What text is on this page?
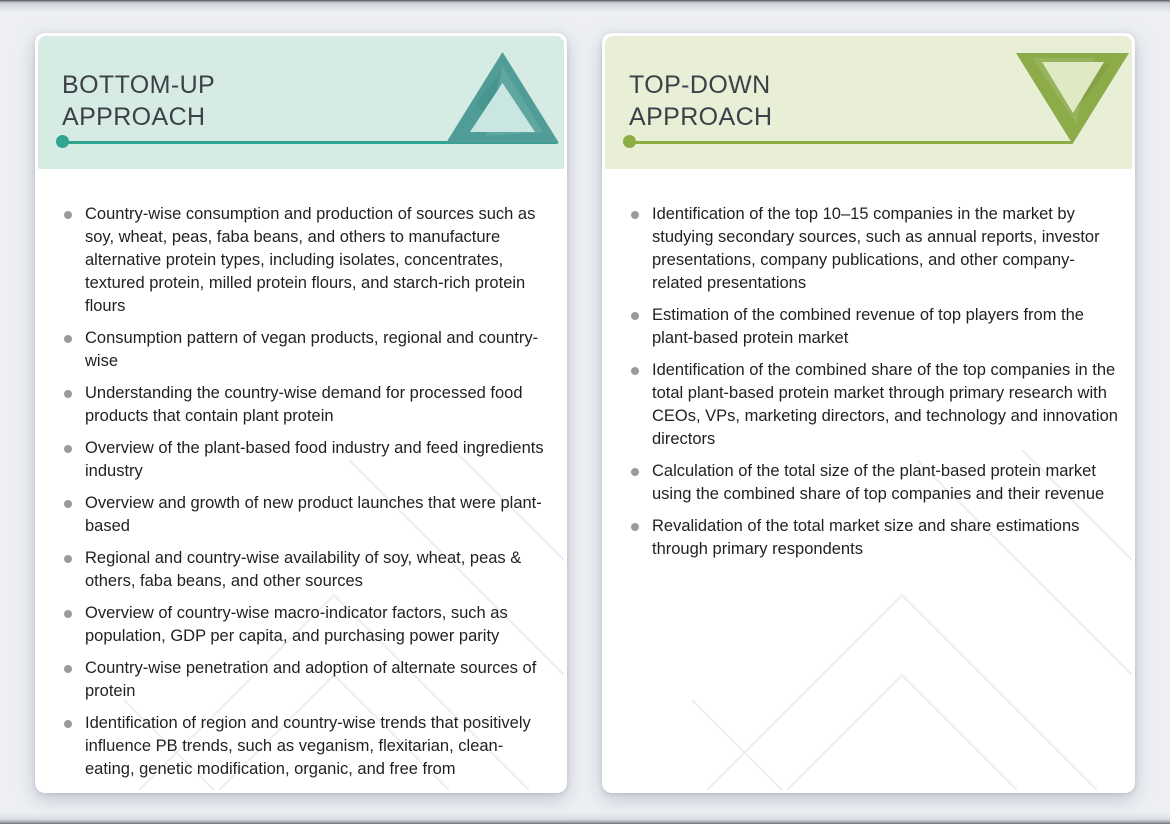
BOTTOM-UP
APPROACH
Country-wise consumption and production of sources such as soy, wheat, peas, faba beans, and others to manufacture alternative protein types, including isolates, concentrates, textured protein, milled protein flours, and starch-rich protein flours
Consumption pattern of vegan products, regional and country-wise
Understanding the country-wise demand for processed food products that contain plant protein
Overview of the plant-based food industry and feed ingredients industry
Overview and growth of new product launches that were plant-based
Regional and country-wise availability of soy, wheat, peas & others, faba beans, and other sources
Overview of country-wise macro-indicator factors, such as population, GDP per capita, and purchasing power parity
Country-wise penetration and adoption of alternate sources of protein
Identification of region and country-wise trends that positively influence PB trends, such as veganism, flexitarian, clean-eating, genetic modification, organic, and free from
TOP-DOWN
APPROACH
Identification of the top 10–15 companies in the market by studying secondary sources, such as annual reports, investor presentations, company publications, and other company-related presentations
Estimation of the combined revenue of top players from the plant-based protein market
Identification of the combined share of the top companies in the total plant-based protein market through primary research with CEOs, VPs, marketing directors, and technology and innovation directors
Calculation of the total size of the plant-based protein market using the combined share of top companies and their revenue
Revalidation of the total market size and share estimations through primary respondents
